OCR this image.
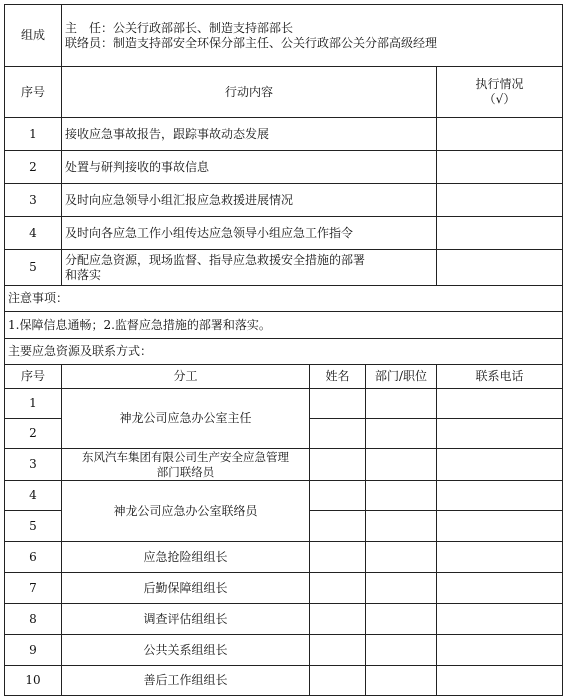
组成	主　任：公关行政部部长、制造支持部部长
联络员：制造支持部安全环保分部主任、公关行政部公关分部高级经理			

序号	行动内容			执行情况
（√）

1	接收应急事故报告，跟踪事故动态发展			
2	处置与研判接收的事故信息			
3	及时向应急领导小组汇报应急救援进展情况			
4	及时向各应急工作小组传达应急领导小组应急工作指令			
5	分配应急资源，现场监督、指导应急救援安全措施的部署
和落实			

注意事项：				
1.保障信息通畅；2.监督应急措施的部署和落实。				
主要应急资源及联系方式：				
序号	分工	姓名	部门/职位	联系电话
1	神龙公司应急办公室主任			
2				
3	东风汽车集团有限公司生产安全应急管理
部门联络员			

4	神龙公司应急办公室联络员			
5				
6	应急抢险组组长			
7	后勤保障组组长			
8	调查评估组组长			
9	公共关系组组长			
10	善后工作组组长			
